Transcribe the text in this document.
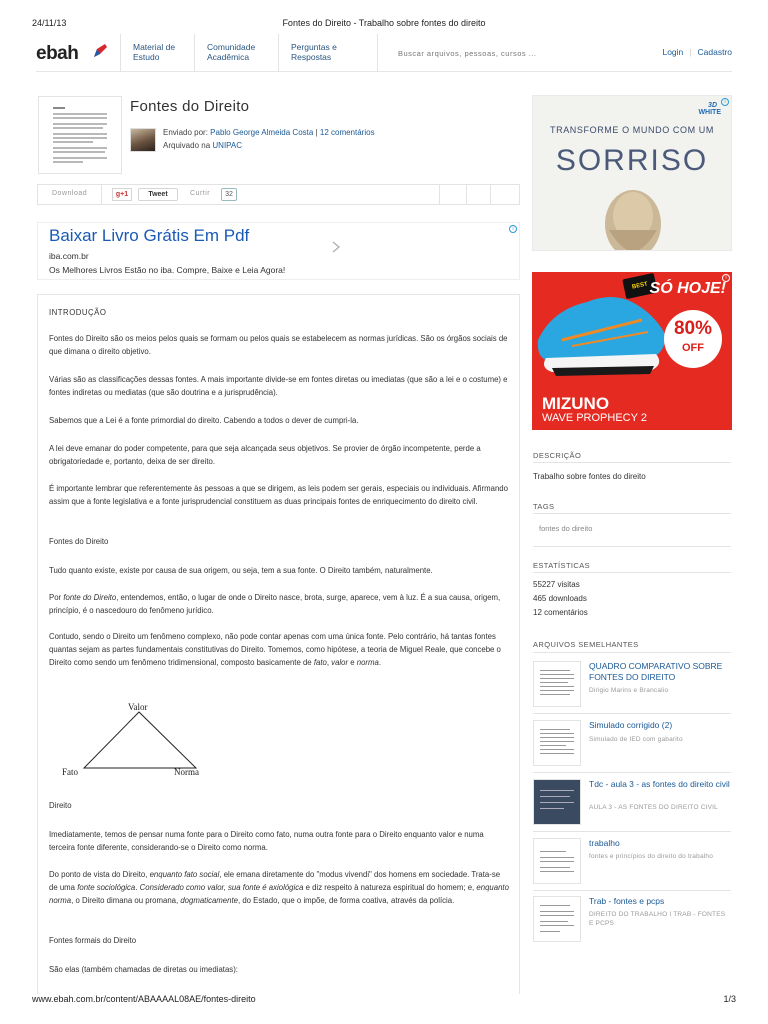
24/11/13	Fontes do Direito - Trabalho sobre fontes do direito
ebah	Material de
Estudo
Comunidade
Acadêmica
Perguntas e
Respostas	Buscar arquivos, pessoas, cursos ...	Login | Cadastro
Fontes do Direito
Enviado por: Pablo George Almeida Costa | 12 comentários
Arquivado na UNIPAC
Download	g+1	Tweet	Curtir	32
Baixar Livro Grátis Em Pdf
iba.com.br
Os Melhores Livros Estão no iba. Compre, Baixe e Leia Agora!
i
INTRODUÇÃO
Fontes do Direito são os meios pelos quais se formam ou pelos quais se estabelecem as normas jurídicas. São os órgãos sociais de que dimana o direito objetivo.
Várias são as classificações dessas fontes. A mais importante divide-se em fontes diretas ou imediatas (que são a lei e o costume) e fontes indiretas ou mediatas (que são doutrina e a jurisprudência).
Sabemos que a Lei é a fonte primordial do direito. Cabendo a todos o dever de cumpri-la.
A lei deve emanar do poder competente, para que seja alcançada seus objetivos. Se provier de órgão incompetente, perde a obrigatoriedade e, portanto, deixa de ser direito.
É importante lembrar que referentemente às pessoas a que se dirigem, as leis podem ser gerais, especiais ou individuais. Afirmando assim que a fonte legislativa e a fonte jurisprudencial constituem as duas principais fontes de enriquecimento do direito civil.
Fontes do Direito
Tudo quanto existe, existe por causa de sua origem, ou seja, tem a sua fonte. O Direito também, naturalmente.
Por fonte do Direito, entendemos, então, o lugar de onde o Direito nasce, brota, surge, aparece, vem à luz. É a sua causa, origem, princípio, é o nascedouro do fenômeno jurídico.
Contudo, sendo o Direito um fenômeno complexo, não pode contar apenas com uma única fonte. Pelo contrário, há tantas fontes quantas sejam as partes fundamentais constitutivas do Direito. Tomemos, como hipótese, a teoria de Miguel Reale, que concebe o Direito como sendo um fenômeno tridimensional, composto basicamente de fato, valor e norma.
Direito
Imediatamente, temos de pensar numa fonte para o Direito como fato, numa outra fonte para o Direito enquanto valor e numa terceira fonte diferente, considerando-se o Direito como norma.
Do ponto de vista do Direito, enquanto fato social, ele emana diretamente do "modus vivendi" dos homens em sociedade. Trata-se de uma fonte sociológica. Considerado como valor, sua fonte é axiológica e diz respeito à natureza espiritual do homem; e, enquanto norma, o Direito dimana ou promana, dogmaticamente, do Estado, que o impõe, de forma coativa, através da polícia.
Fontes formais do Direito
São elas (também chamadas de diretas ou imediatas):
Valor
Fato	Norma
3D
WHITE
i
TRANSFORME O MUNDO COM UM
SORRISO
BEST SÓ HOJE!
80%
OFF
MIZUNO
WAVE PROPHECY 2
i
DESCRIÇÃO
Trabalho sobre fontes do direito
TAGS
fontes do direito
ESTATÍSTICAS
55227 visitas
465 downloads
12 comentários
ARQUIVOS SEMELHANTES
QUADRO COMPARATIVO SOBRE FONTES DO DIREITO
Dirigio Marins e Brancalio
Simulado corrigido (2)
Simulado de IED com gabarito
Tdc - aula 3 - as fontes do direito civil
AULA 3 - AS FONTES DO DIREITO CIVIL
trabalho
fontes e princípios do direito do trabalho
Trab - fontes e pcps
DIREITO DO TRABALHO I TRAB - FONTES E PCPS
www.ebah.com.br/content/ABAAAAL08AE/fontes-direito	1/3
